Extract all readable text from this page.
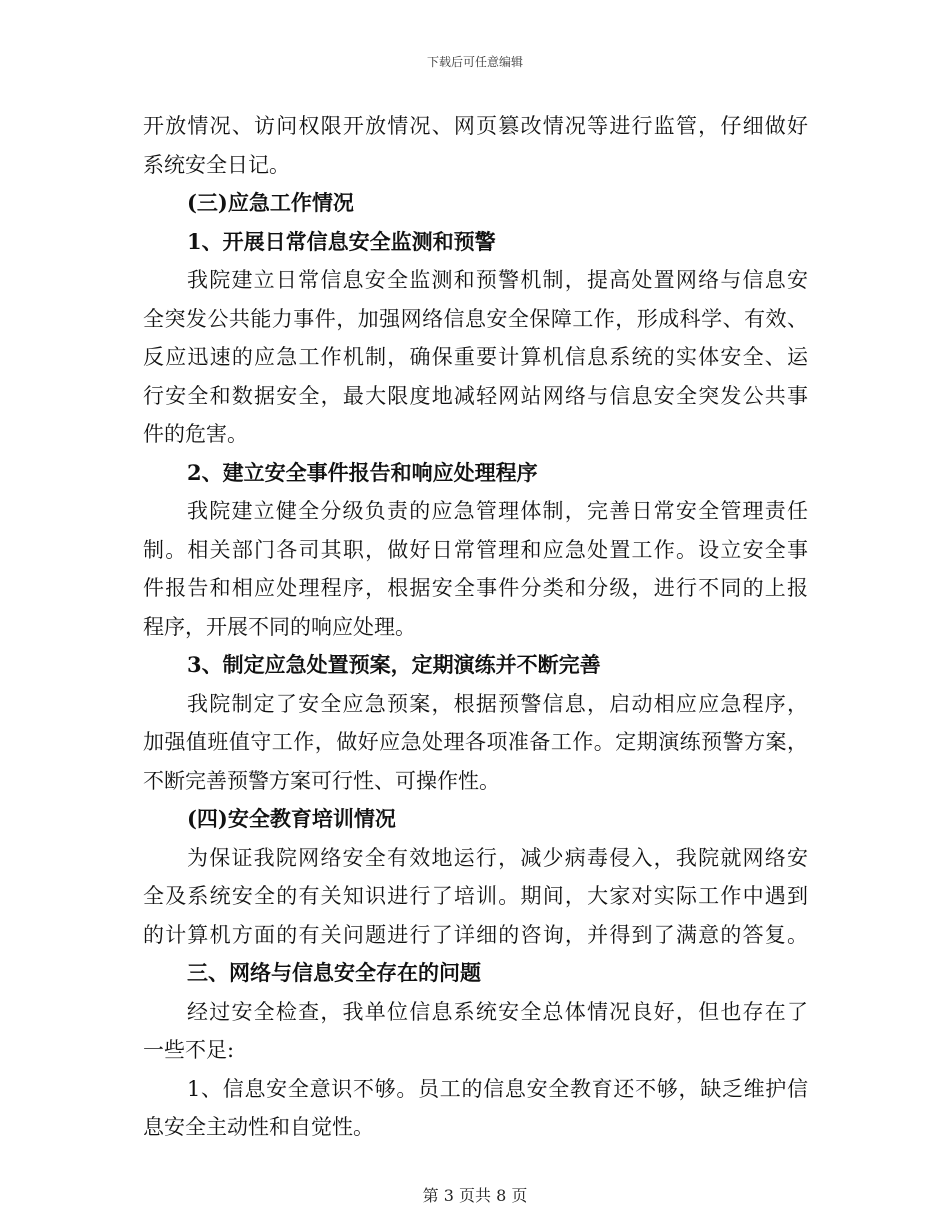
下载后可任意编辑
开放情况、访问权限开放情况、网页篡改情况等进行监管，仔细做好
系统安全日记。
(三)应急工作情况
1、开展日常信息安全监测和预警
我院建立日常信息安全监测和预警机制，提高处置网络与信息安
全突发公共能力事件，加强网络信息安全保障工作，形成科学、有效、
反应迅速的应急工作机制，确保重要计算机信息系统的实体安全、运
行安全和数据安全，最大限度地减轻网站网络与信息安全突发公共事
件的危害。
2、建立安全事件报告和响应处理程序
我院建立健全分级负责的应急管理体制，完善日常安全管理责任
制。相关部门各司其职，做好日常管理和应急处置工作。设立安全事
件报告和相应处理程序，根据安全事件分类和分级，进行不同的上报
程序，开展不同的响应处理。
3、制定应急处置预案，定期演练并不断完善
我院制定了安全应急预案，根据预警信息，启动相应应急程序，
加强值班值守工作，做好应急处理各项准备工作。定期演练预警方案，
不断完善预警方案可行性、可操作性。
(四)安全教育培训情况
为保证我院网络安全有效地运行，减少病毒侵入，我院就网络安
全及系统安全的有关知识进行了培训。期间，大家对实际工作中遇到
的计算机方面的有关问题进行了详细的咨询，并得到了满意的答复。
三、网络与信息安全存在的问题
经过安全检查，我单位信息系统安全总体情况良好，但也存在了
一些不足:
1、信息安全意识不够。员工的信息安全教育还不够，缺乏维护信
息安全主动性和自觉性。
第 3 页共 8 页
